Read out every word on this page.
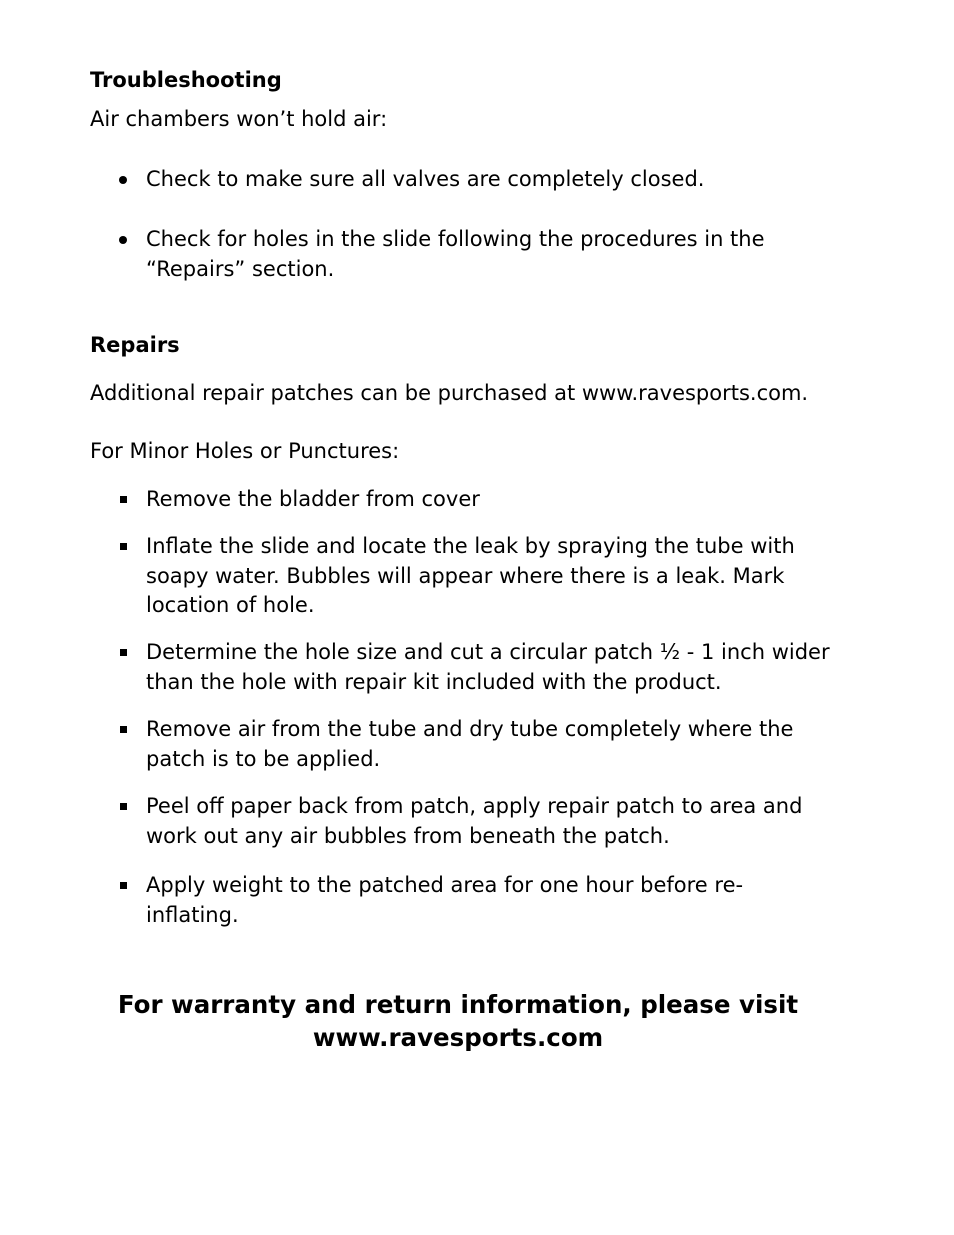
Troubleshooting
Air chambers won’t hold air:
Check to make sure all valves are completely closed.
Check for holes in the slide following the procedures in the “Repairs” section.
Repairs
Additional repair patches can be purchased at www.ravesports.com.
For Minor Holes or Punctures:
Remove the bladder from cover
Inflate the slide and locate the leak by spraying the tube with soapy water. Bubbles will appear where there is a leak. Mark location of hole.
Determine the hole size and cut a circular patch ½ - 1 inch wider than the hole with repair kit included with the product.
Remove air from the tube and dry tube completely where the patch is to be applied.
Peel off paper back from patch, apply repair patch to area and work out any air bubbles from beneath the patch.
Apply weight to the patched area for one hour before re-inflating.
For warranty and return information, please visit
www.ravesports.com
